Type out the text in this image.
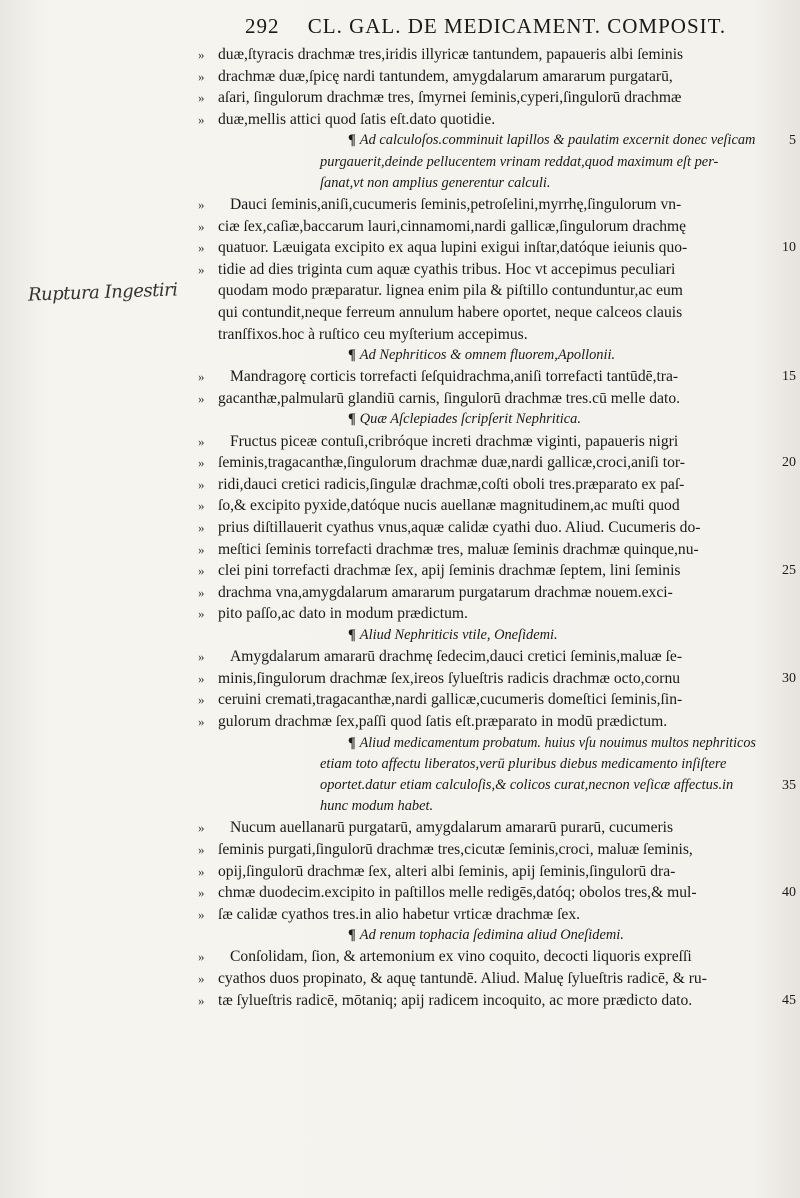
292 CL. GAL. DE MEDICAMENT. COMPOSIT.
Ruptura Ingestiri
» duæ,ſtyracis drachmæ tres,iridis illyricæ tantundem, papaueris albi ſeminis
» drachmæ duæ,ſpicę nardi tantundem, amygdalarum amararum purgatarū,
» aſari, ſingulorum drachmæ tres, ſmyrnei ſeminis,cyperi,ſingulorū drachmæ
» duæ,mellis attici quod ſatis eſt.dato quotidie.
¶ Ad calculoſos.comminuit lapillos & paulatim excernit donec veſicam 5
purgauerit,deinde pellucentem vrinam reddat,quod maximum eſt per-
ſanat,vt non amplius generentur calculi.
» Dauci ſeminis,aniſi,cucumeris ſeminis,petroſelini,myrrhę,ſingulorum vn-
» ciæ ſex,caſiæ,baccarum lauri,cinnamomi,nardi gallicæ,ſingulorum drachmę
» quatuor. Læuigata excipito ex aqua lupini exigui inſtar,datóque ieiunis quo-	10
» tidie ad dies triginta cum aquæ cyathis tribus. Hoc vt accepimus peculiari
quodam modo præparatur. lignea enim pila & piſtillo contunduntur,ac eum
qui contundit,neque ferreum annulum habere oportet, neque calceos clauis
tranſfixos.hoc à ruſtico ceu myſterium accepimus.
¶ Ad Nephriticos & omnem fluorem,Apollonii.
» Mandragorę corticis torrefacti ſeſquidrachma,aniſi torrefacti tantūdē,tra-	15
» gacanthæ,palmularū glandiū carnis, ſingulorū drachmæ tres.cū melle dato.
¶ Quæ Aſclepiades ſcripſerit Nephritica.
» Fructus piceæ contuſi,cribróque increti drachmæ viginti, papaueris nigri
» ſeminis,tragacanthæ,ſingulorum drachmæ duæ,nardi gallicæ,croci,aniſi tor-	20
» ridi,dauci cretici radicis,ſingulæ drachmæ,coſti oboli tres.præparato ex paſ-
» ſo,& excipito pyxide,datóque nucis auellanæ magnitudinem,ac muſti quod
» prius diſtillauerit cyathus vnus,aquæ calidæ cyathi duo. Aliud. Cucumeris do-
» meſtici ſeminis torrefacti drachmæ tres, maluæ ſeminis drachmæ quinque,nu-
» clei pini torrefacti drachmæ ſex, apij ſeminis drachmæ ſeptem, lini ſeminis	25
» drachma vna,amygdalarum amararum purgatarum drachmæ nouem.exci-
» pito paſſo,ac dato in modum prædictum.
¶ Aliud Nephriticis vtile, Oneſidemi.
» Amygdalarum amararū drachmę ſedecim,dauci cretici ſeminis,maluæ ſe-
» minis,ſingulorum drachmæ ſex,ireos ſylueſtris radicis drachmæ octo,cornu	30
» ceruini cremati,tragacanthæ,nardi gallicæ,cucumeris domeſtici ſeminis,ſin-
» gulorum drachmæ ſex,paſſi quod ſatis eſt.præparato in modū prædictum.
¶ Aliud medicamentum probatum. huius vſu nouimus multos nephriticos
etiam toto affectu liberatos,verū pluribus diebus medicamento inſiſtere
oportet.datur etiam calculoſis,& colicos curat,necnon veſicæ affectus.in	35
hunc modum habet.
» Nucum auellanarū purgatarū, amygdalarum amararū purarū, cucumeris
» ſeminis purgati,ſingulorū drachmæ tres,cicutæ ſeminis,croci, maluæ ſeminis,
» opij,ſingulorū drachmæ ſex, alteri albi ſeminis, apij ſeminis,ſingulorū dra-
» chmæ duodecim.excipito in paſtillos melle redigēs,datóq; obolos tres,& mul-	40
» ſæ calidæ cyathos tres.in alio habetur vrticæ drachmæ ſex.
¶ Ad renum tophacia ſedimina aliud Oneſidemi.
» Conſolidam, ſion, & artemonium ex vino coquito, decocti liquoris expreſſi
» cyathos duos propinato, & aquę tantundē. Aliud. Maluę ſylueſtris radicē, & ru-
» tæ ſylueſtris radicē, mōtaniq; apij radicem incoquito, ac more prædicto dato.	45
